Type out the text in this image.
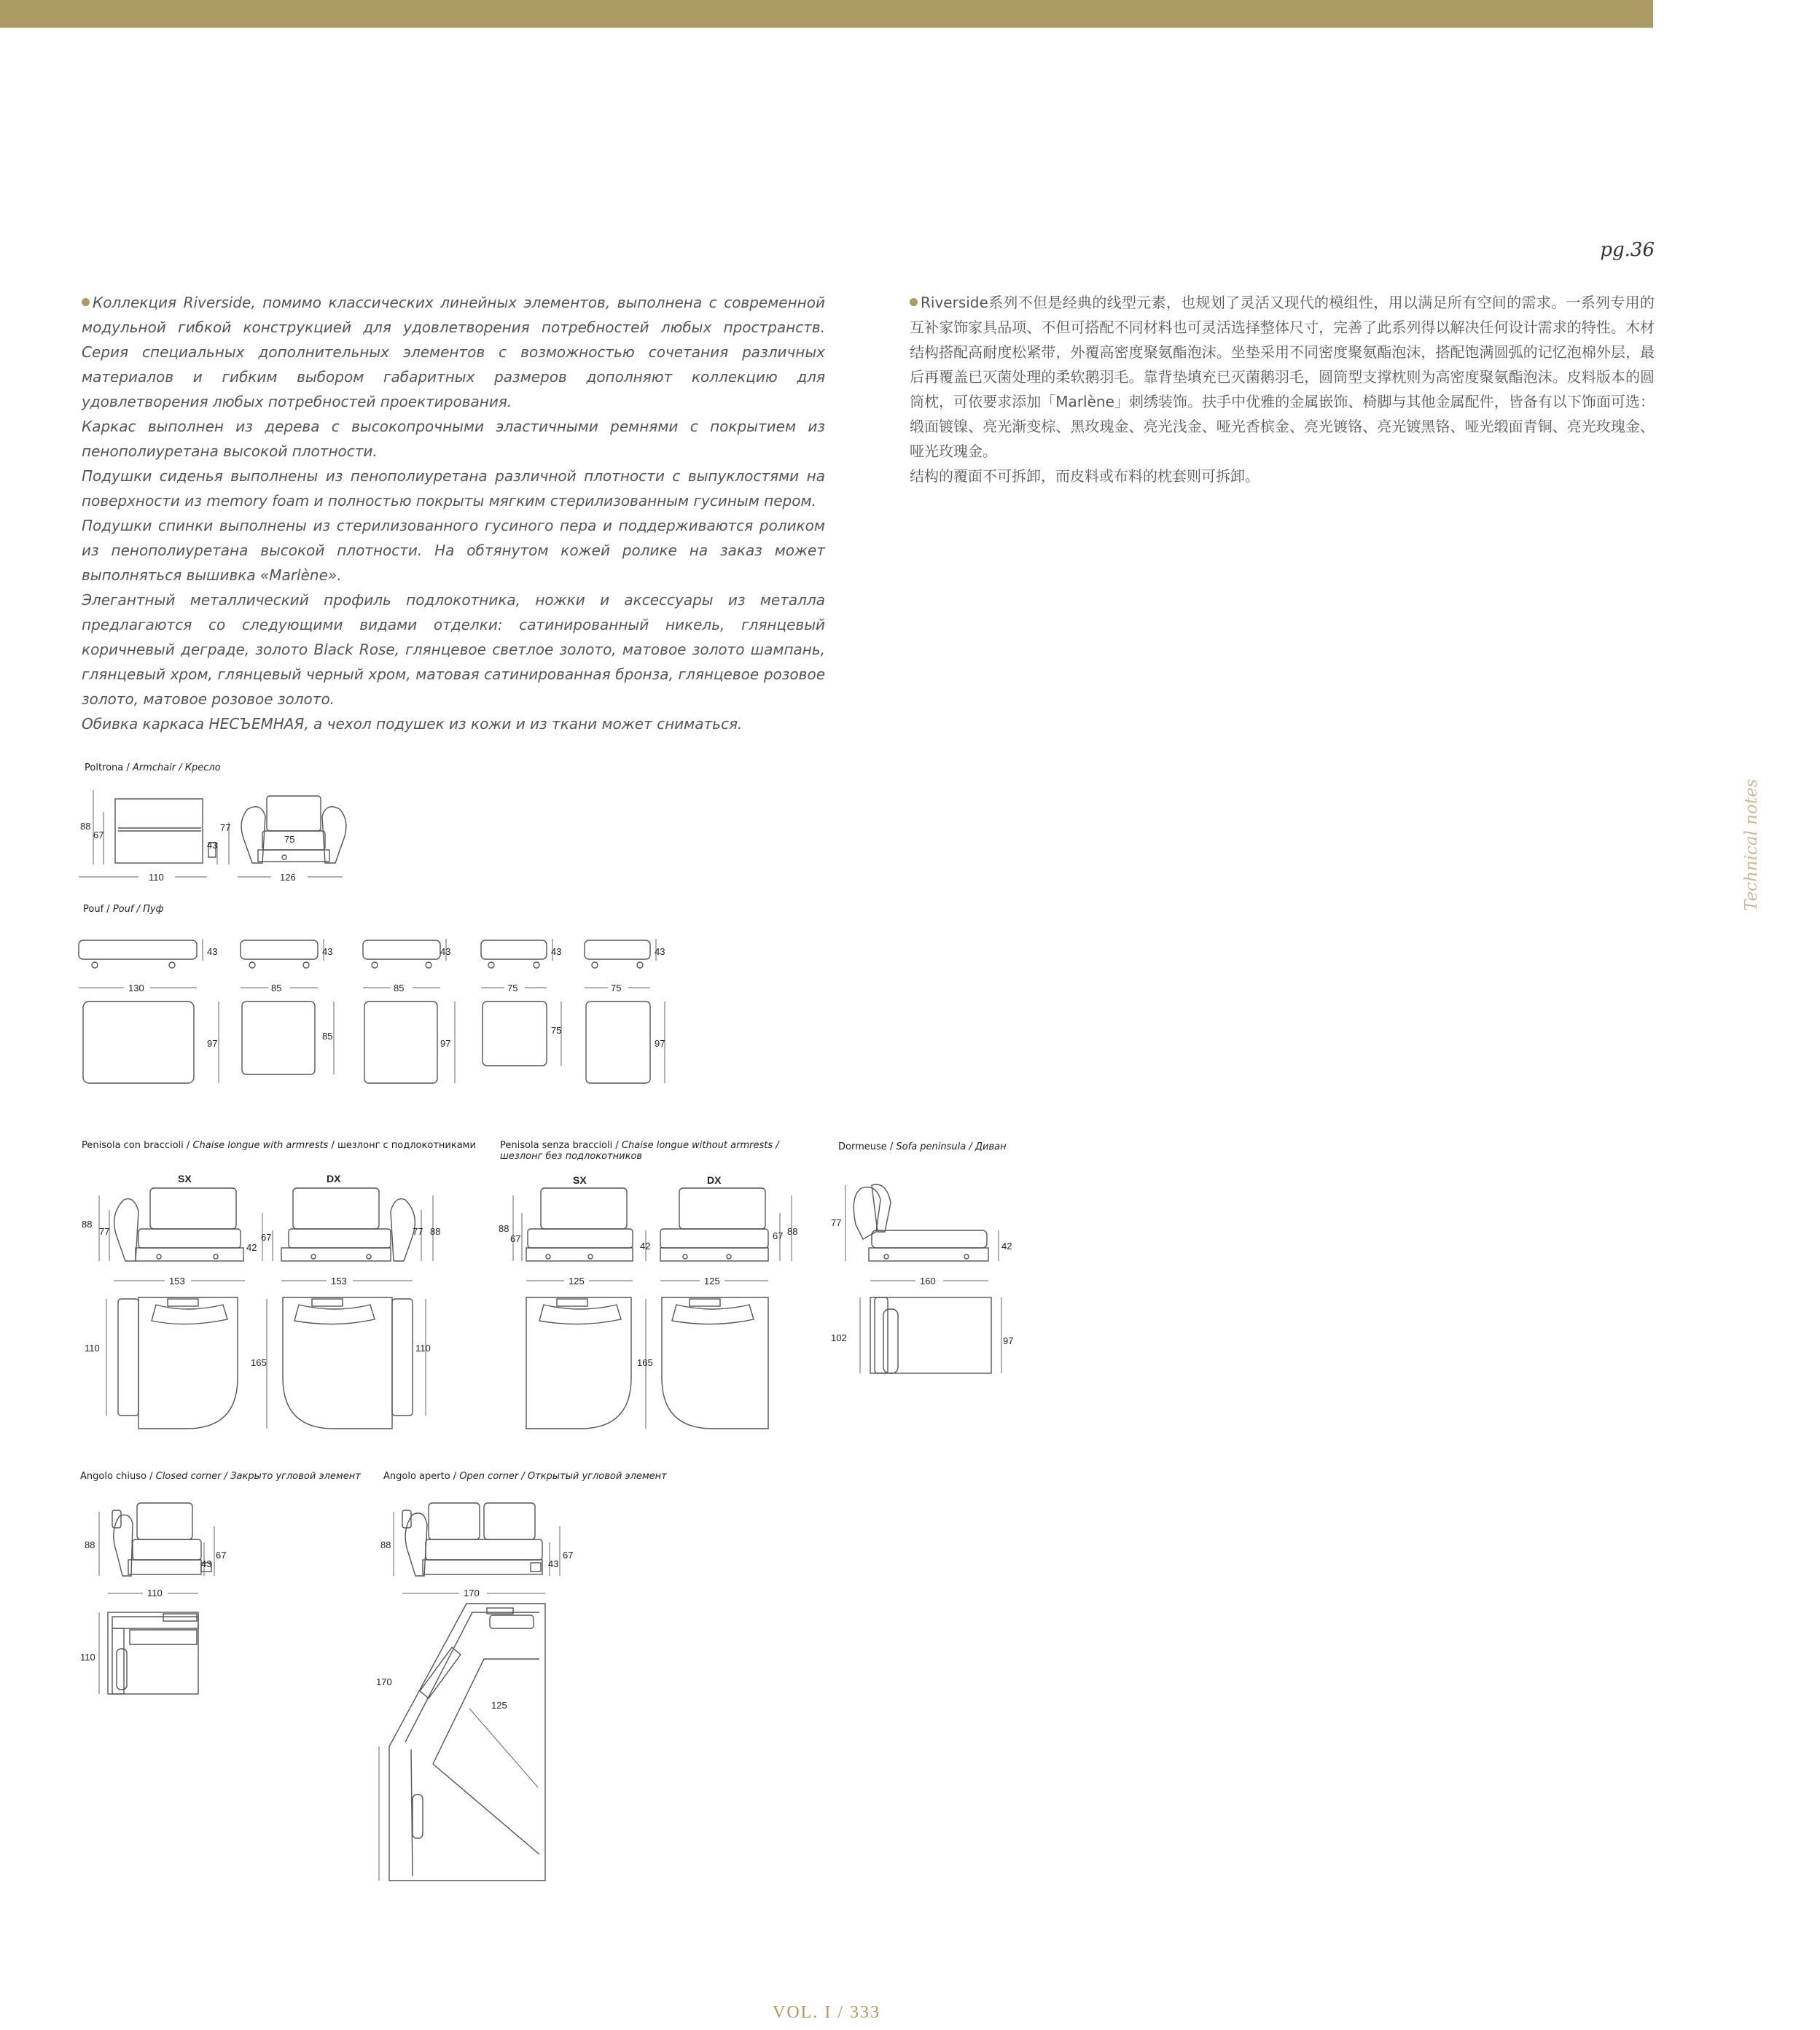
pg.36

Коллекция Riverside, помимо классических линейных элементов, выполнена с современной модульной гибкой конструкцией для удовлетворения потребностей любых пространств. Серия специальных дополнительных элементов с возможностью сочетания различных материалов и гибким выбором габаритных размеров дополняют коллекцию для удовлетворения любых потребностей проектирования.

Каркас выполнен из дерева с высокопрочными эластичными ремнями с покрытием из пенополиуретана высокой плотности.

Подушки сиденья выполнены из пенополиуретана различной плотности с выпуклостями на поверхности из memory foam и полностью покрыты мягким стерилизованным гусиным пером.

Подушки спинки выполнены из стерилизованного гусиного пера и поддерживаются роликом из пенополиуретана высокой плотности. На обтянутом кожей ролике на заказ может выполняться вышивка «Marlène».

Элегантный металлический профиль подлокотника, ножки и аксессуары из металла предлагаются со следующими видами отделки: сатинированный никель, глянцевый коричневый деграде, золото Black Rose, глянцевое светлое золото, матовое золото шампань, глянцевый хром, глянцевый черный хром, матовая сатинированная бронза, глянцевое розовое золото, матовое розовое золото.

Обивка каркаса НЕСЪЕМНАЯ, а чехол подушек из кожи и из ткани может сниматься.

Riverside系列不但是经典的线型元素，也规划了灵活又现代的模组性，用以满足所有空间的需求。一系列专用的互补家饰家具品项、不但可搭配不同材料也可灵活选择整体尺寸，完善了此系列得以解决任何设计需求的特性。木材结构搭配高耐度松紧带，外覆高密度聚氨酯泡沫。坐垫采用不同密度聚氨酯泡沫，搭配饱满圆弧的记忆泡棉外层，最后再覆盖已灭菌处理的柔软鹅羽毛。靠背垫填充已灭菌鹅羽毛，圆筒型支撑枕则为高密度聚氨酯泡沫。皮料版本的圆筒枕，可依要求添加「Marlène」刺绣装饰。扶手中优雅的金属嵌饰、椅脚与其他金属配件，皆备有以下饰面可选：缎面镀镍、亮光渐变棕、黑玫瑰金、亮光浅金、哑光香槟金、亮光镀铬、亮光镀黑铬、哑光缎面青铜、亮光玫瑰金、哑光玫瑰金。

结构的覆面不可拆卸，而皮料或布料的枕套则可拆卸。

Technical notes
Poltrona / Armchair / Кресло
Pouf / Pouf / Пуф
Penisola con braccioli / Chaise longue with armrests / шезлонг с подлокотниками	Penisola senza braccioli / Chaise longue without armrests /
шезлонг без подлокотников
Dormeuse / Sofa peninsula / Диван
Angolo chiuso / Closed corner / Закрыто угловой элемент Angolo aperto / Open corner / Открытый угловой элемент
88
67
77
43
75
110	126
43	43	43	43	43
130	85	85	75	75
97
85
97
75
97
SX	DX
88
77
67
42
77 88
153	153
110
165
110
SX	DX
88
67
42
67 88
125	125
165
77
42
160
102	97
88
67
43
110
110
88
67
43
170
170
125
VOL. I / 333
